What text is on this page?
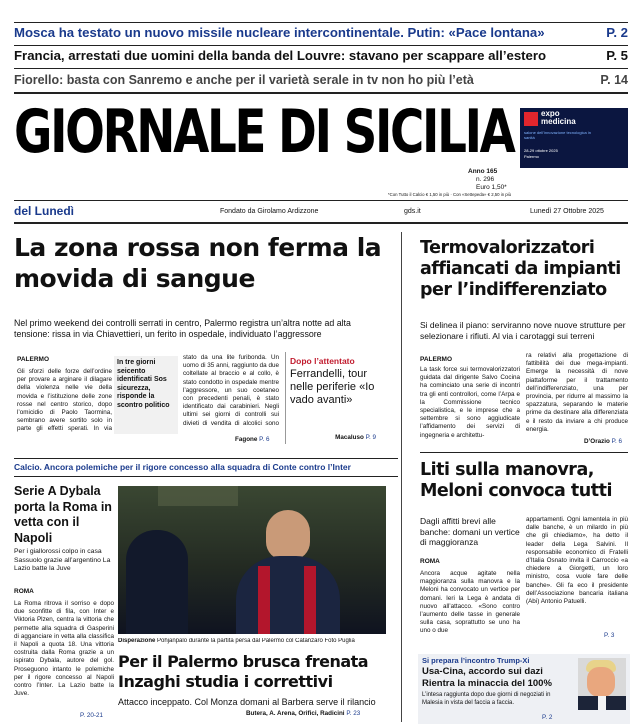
Mosca ha testato un nuovo missile nucleare intercontinentale. Putin: «Pace lontana»	P. 2
Francia, arrestati due uomini della banda del Louvre: stavano per scappare all’estero	P. 5
Fiorello: basta con Sanremo e anche per il varietà serale in tv non ho più l’età	P. 14
GIORNALE DI SICILIA	expo
medicina
salone dell’innovazione tecnologica in sanità
28-29 ottobre 2025
Palermo
Anno 165
n. 296
Euro 1,50*
*Con Tutto il Calcio € 1,50 in più · Con «Settepeda» € 2,50 in più
del Lunedì	Fondato da Girolamo Ardizzone	gds.it	Lunedì 27 Ottobre 2025
La zona rossa non ferma la movida di sangue
Nel primo weekend dei controlli serrati in centro, Palermo registra un’altra notte ad alta tensione: rissa in via Chiavettieri, un ferito in ospedale, individuato l’aggressore
PALERMO
Gli sforzi delle forze dell’ordine per provare a arginare il dilagare della violenza nelle vie della movida e l’istituzione delle zone rosse nel centro storico, dopo l’omicidio di Paolo Taormina, sembrano avere sortito solo in parte gli effetti sperati. In via
In tre giorni seicento identificati Sos sicurezza, risponde la scontro politico
stato da una lite furibonda. Un uomo di 35 anni, raggiunto da due coltellate al braccio e al collo, è stato condotto in ospedale mentre l’aggressore, un suo coetaneo con precedenti penali, è stato identificato dai carabinieri. Negli ultimi sei giorni di controlli sui divieti di vendita di alcolici sono
Fagone P. 6
Dopo l’attentato
Ferrandelli, tour nelle periferie «Io vado avanti»
Macaluso P. 9
Termovalorizzatori affiancati da impianti per l’indifferenziato
Si delinea il piano: serviranno nove nuove strutture per selezionare i rifiuti. Al via i carotaggi sui terreni
PALERMO
La task force sui termovalorizzatori guidata dal dirigente Salvo Cocina ha cominciato una serie di incontri tra gli enti controllori, come l’Arpa e la Commissione tecnico specialistica, e le imprese che a settembre si sono aggiudicate l’affidamento dei servizi di ingegneria e architettu-
ra relativi alla progettazione di fattibilità dei due mega-impianti. Emerge la necessità di nove piattaforme per il trattamento dell’indifferenziato, una per provincia, per ridurre al massimo la spazzatura, separando le materie prime da destinare alla differenziata e il resto da inviare a chi produce energia.
D’Orazio P. 6
Calcio. Ancora polemiche per il rigore concesso alla squadra di Conte contro l’Inter
Serie A Dybala porta la Roma in vetta con il Napoli
Per i giallorossi colpo in casa Sassuolo grazie all’argentino La Lazio batte la Juve
ROMA
La Roma ritrova il sorriso e dopo due sconfitte di fila, con Inter e Viktoria Plzen, centra la vittoria che permette alla squadra di Gasperini di agganciare in vetta alla classifica il Napoli a quota 18. Una vittoria costruita dalla Roma grazie a un ispirato Dybala, autore del gol. Proseguono intanto le polemiche per il rigore concesso al Napoli contro l’Inter. La Lazio batte la Juve.
P. 20-21
Disperazione Pohjanpalo durante la partita persa dal Palermo col Catanzaro Foto Puglia
Per il Palermo brusca frenata Inzaghi studia i correttivi
Attacco inceppato. Col Monza domani al Barbera serve il rilancio
Butera, A. Arena, Orifici, Radicini P. 23
Liti sulla manovra, Meloni convoca tutti
Dagli affitti brevi alle banche: domani un vertice di maggioranza
ROMA
Ancora acque agitate nella maggioranza sulla manovra e la Meloni ha convocato un vertice per domani. Ieri la Lega è andata di nuovo all’attacco. «Sono contro l’aumento delle tasse in generale sulla casa, soprattutto se uno ha uno o due
appartamenti. Ogni lamentela in più dalle banche, è un milardo in più che gli chiediamo», ha detto il leader della Lega Salvini. Il responsabile economico di Fratelli d’Italia Osnato invita il Carroccio «a chiedere a Giorgetti, un loro ministro, cosa vuole fare delle banche». Gli fa eco il presidente dell’Associazione bancaria italiana (Abi) Antonio Patuelli.
P. 3
Si prepara l’incontro Trump-Xi
Usa-Cina, accordo sui dazi Rientra la minaccia del 100%
L’intesa raggiunta dopo due giorni di negoziati in Malesia in vista del faccia a faccia.
P. 2
